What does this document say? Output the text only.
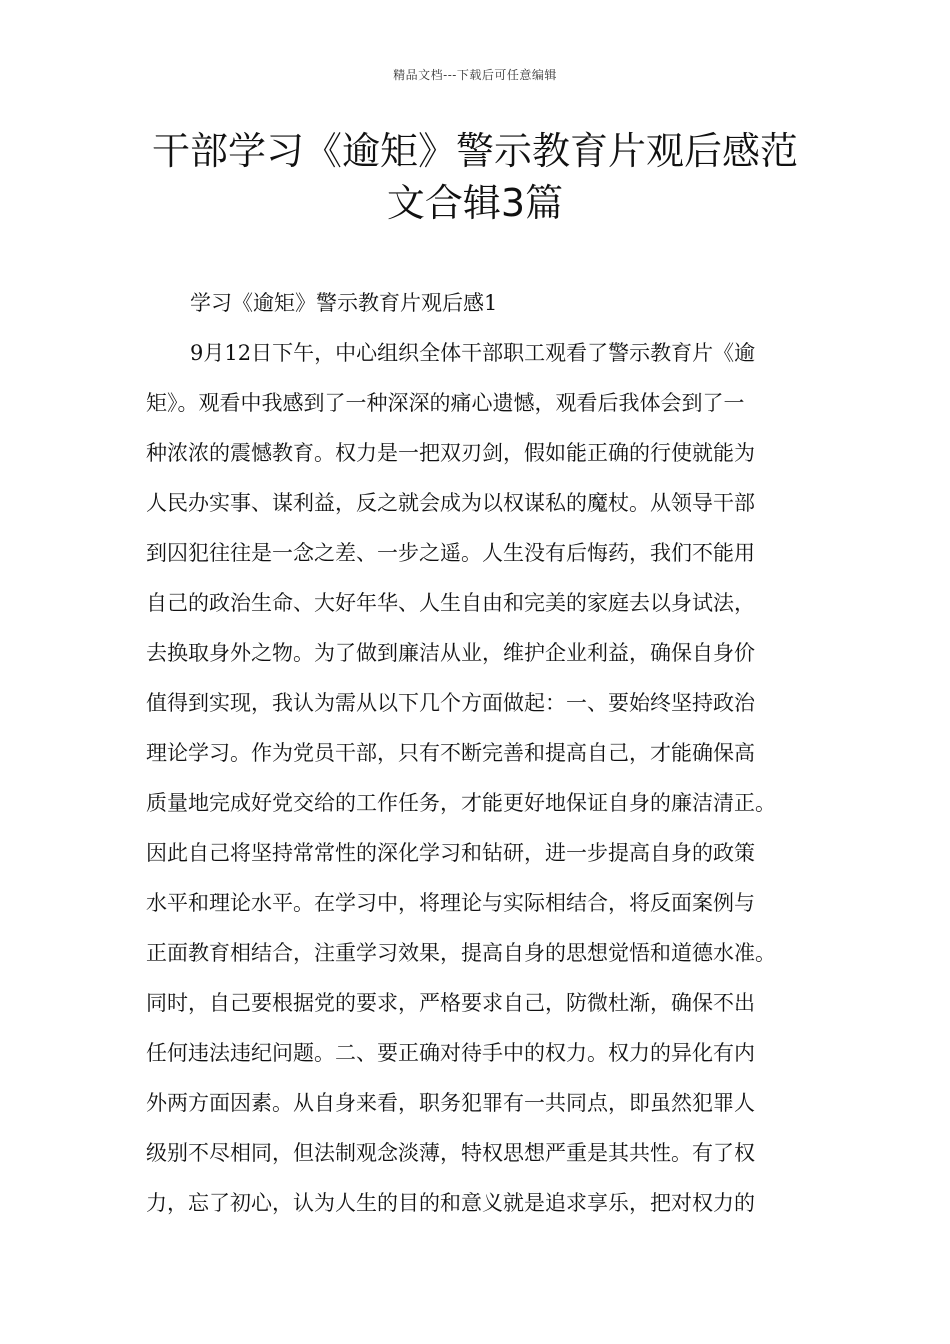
精品文档---下载后可任意编辑
干部学习《逾矩》警示教育片观后感范
文合辑3篇
学习《逾矩》警示教育片观后感1
9月12日下午，中心组织全体干部职工观看了警示教育片《逾
矩》。观看中我感到了一种深深的痛心遗憾，观看后我体会到了一
种浓浓的震憾教育。权力是一把双刃剑，假如能正确的行使就能为
人民办实事、谋利益，反之就会成为以权谋私的魔杖。从领导干部
到囚犯往往是一念之差、一步之遥。人生没有后悔药，我们不能用
自己的政治生命、大好年华、人生自由和完美的家庭去以身试法，
去换取身外之物。为了做到廉洁从业，维护企业利益，确保自身价
值得到实现，我认为需从以下几个方面做起：一、要始终坚持政治
理论学习。作为党员干部，只有不断完善和提高自己，才能确保高
质量地完成好党交给的工作任务，才能更好地保证自身的廉洁清正。
因此自己将坚持常常性的深化学习和钻研，进一步提高自身的政策
水平和理论水平。在学习中，将理论与实际相结合，将反面案例与
正面教育相结合，注重学习效果，提高自身的思想觉悟和道德水准。
同时，自己要根据党的要求，严格要求自己，防微杜渐，确保不出
任何违法违纪问题。二、要正确对待手中的权力。权力的异化有内
外两方面因素。从自身来看，职务犯罪有一共同点，即虽然犯罪人
级别不尽相同，但法制观念淡薄，特权思想严重是其共性。有了权
力，忘了初心，认为人生的目的和意义就是追求享乐，把对权力的
